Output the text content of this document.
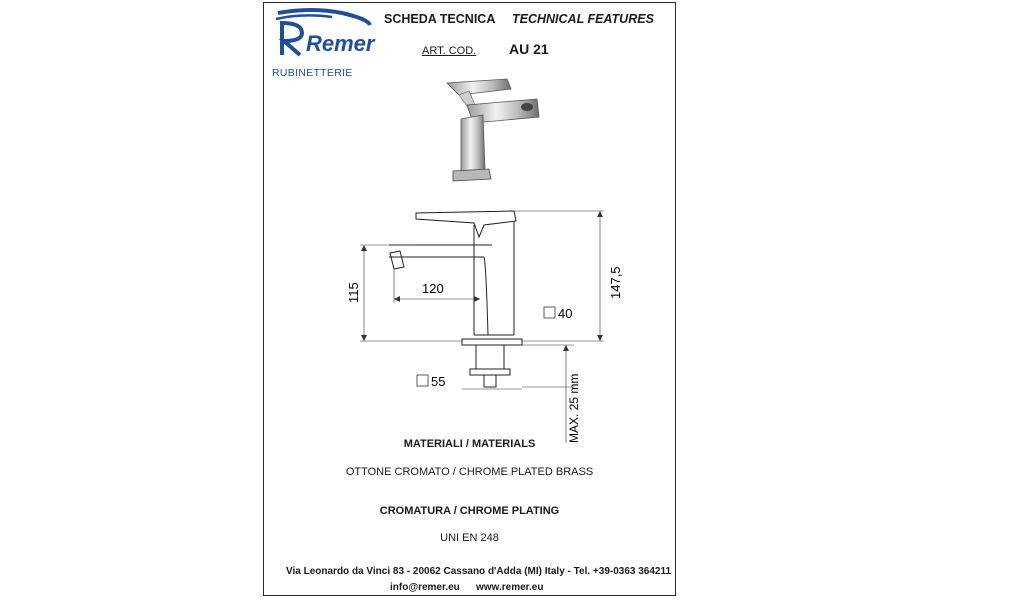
Remer
RUBINETTERIE
SCHEDA TECNICA TECHNICAL FEATURES
ART. COD. AU 21
115	120	147,5
40
55	MAX. 25 mm
MATERIALI / MATERIALS
OTTONE CROMATO / CHROME PLATED BRASS
CROMATURA / CHROME PLATING
UNI EN 248
Via Leonardo da Vinci 83 - 20062 Cassano d'Adda (MI) Italy - Tel. +39-0363 364211
info@remer.eu www.remer.eu
